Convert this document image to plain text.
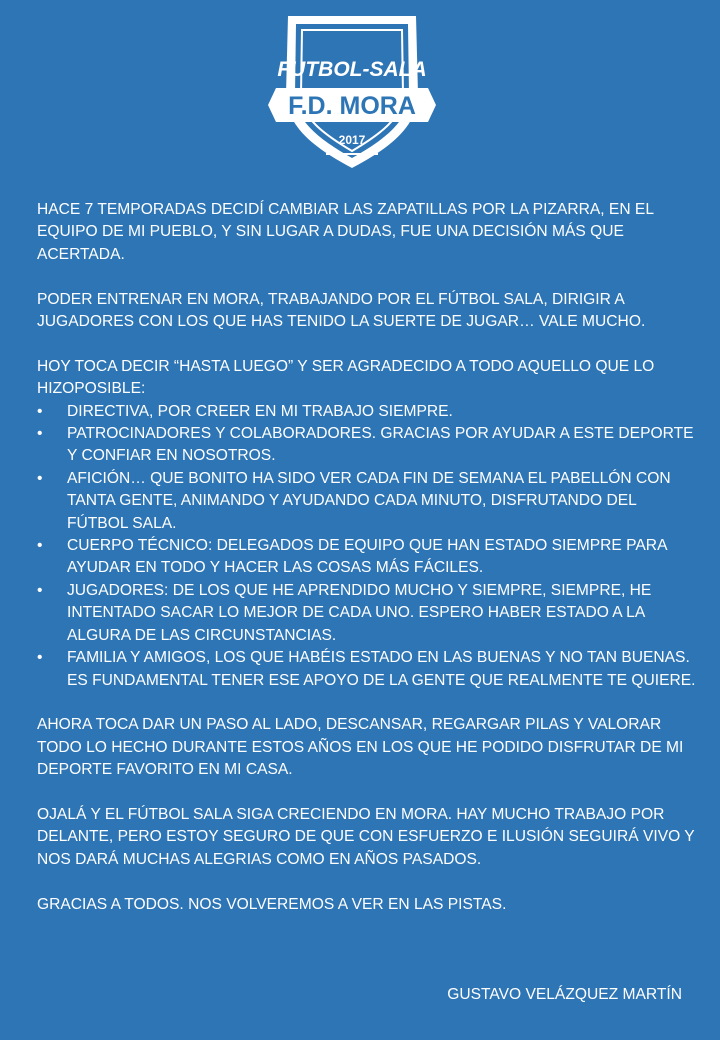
FUTBOL-SALA
F.D. MORA
2017

HACE 7 TEMPORADAS DECIDÍ CAMBIAR LAS ZAPATILLAS POR LA PIZARRA, EN EL EQUIPO DE MI PUEBLO, Y SIN LUGAR A DUDAS, FUE UNA DECISIÓN MÁS QUE ACERTADA.

PODER ENTRENAR EN MORA, TRABAJANDO POR EL FÚTBOL SALA, DIRIGIR A JUGADORES CON LOS QUE HAS TENIDO LA SUERTE DE JUGAR… VALE MUCHO.

HOY TOCA DECIR “HASTA LUEGO” Y SER AGRADECIDO A TODO AQUELLO QUE LO HIZOPOSIBLE:

• DIRECTIVA, POR CREER EN MI TRABAJO SIEMPRE.
• PATROCINADORES Y COLABORADORES. GRACIAS POR AYUDAR A ESTE DEPORTE Y CONFIAR EN NOSOTROS.
• AFICIÓN… QUE BONITO HA SIDO VER CADA FIN DE SEMANA EL PABELLÓN CON TANTA GENTE, ANIMANDO Y AYUDANDO CADA MINUTO, DISFRUTANDO DEL FÚTBOL SALA.
• CUERPO TÉCNICO: DELEGADOS DE EQUIPO QUE HAN ESTADO SIEMPRE PARA AYUDAR EN TODO Y HACER LAS COSAS MÁS FÁCILES.
• JUGADORES: DE LOS QUE HE APRENDIDO MUCHO Y SIEMPRE, SIEMPRE, HE INTENTADO SACAR LO MEJOR DE CADA UNO. ESPERO HABER ESTADO A LA ALGURA DE LAS CIRCUNSTANCIAS.
• FAMILIA Y AMIGOS, LOS QUE HABÉIS ESTADO EN LAS BUENAS Y NO TAN BUENAS. ES FUNDAMENTAL TENER ESE APOYO DE LA GENTE QUE REALMENTE TE QUIERE.

AHORA TOCA DAR UN PASO AL LADO, DESCANSAR, REGARGAR PILAS Y VALORAR TODO LO HECHO DURANTE ESTOS AÑOS EN LOS QUE HE PODIDO DISFRUTAR DE MI DEPORTE FAVORITO EN MI CASA.

OJALÁ Y EL FÚTBOL SALA SIGA CRECIENDO EN MORA. HAY MUCHO TRABAJO POR DELANTE, PERO ESTOY SEGURO DE QUE CON ESFUERZO E ILUSIÓN SEGUIRÁ VIVO Y NOS DARÁ MUCHAS ALEGRIAS COMO EN AÑOS PASADOS.

GRACIAS A TODOS. NOS VOLVEREMOS A VER EN LAS PISTAS.

GUSTAVO VELÁZQUEZ MARTÍN
